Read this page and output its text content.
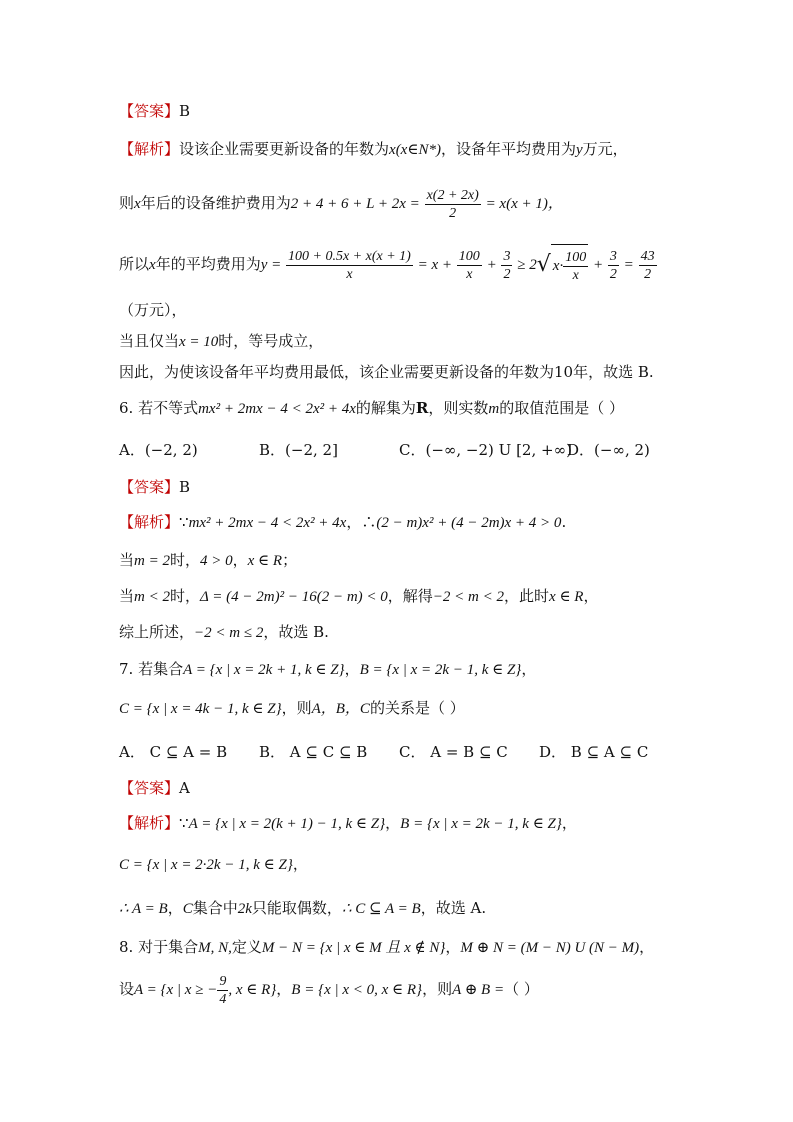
【答案】B
【解析】设该企业需要更新设备的年数为x(x∈N*)，设备年平均费用为y万元，
则x年后的设备维护费用为$2 + 4 + 6 + L + 2x = \frac{x(2 + 2x)}{2} = x(x + 1)$，
所以x年的平均费用为$y = \frac{100 + 0.5x + x(x + 1)}{x} = x + \frac{100}{x} + \frac{3}{2} \ge 2√$ $x\cdot \frac{100}{x} + \frac{3}{2} = \frac{43}{2}$
（万元），
当且仅当x = 10时，等号成立，
因此，为使该设备年平均费用最低，该企业需要更新设备的年数为10年，故选 B.
6. 若不等式mx² + 2mx − 4 < 2x² + 4x的解集为R，则实数m的取值范围是（ ）
A．(−2, 2)	B．(−2, 2]	C．(−∞, −2) U [2, +∞)D．(−∞, 2)
【答案】B
【解析】∵mx² + 2mx − 4 < 2x² + 4x，∴(2 − m)x² + (4 − 2m)x + 4 > 0.
当m = 2时，4 > 0，x ∈ R；
当m < 2时，Δ = (4 − 2m)² − 16(2 − m) < 0，解得−2 < m < 2，此时x ∈ R，
综上所述，−2 < m ≤ 2，故选 B.
7. 若集合A = {x | x = 2k + 1, k ∈ Z}，B = {x | x = 2k − 1, k ∈ Z}，
C = {x | x = 4k − 1, k ∈ Z}，则A，B，C的关系是（ ）
A． C ⊆ A = B B． A ⊆ C ⊆ B C． A = B ⊆ C D． B ⊆ A ⊆ C
【答案】A
【解析】∵A = {x | x = 2(k + 1) − 1, k ∈ Z}，B = {x | x = 2k − 1, k ∈ Z}，
C = {x | x = 2·2k − 1, k ∈ Z}，
∴ A = B，C集合中2k只能取偶数，∴ C ⊆ A = B，故选 A.
8. 对于集合M, N,定义M − N = {x | x ∈ M 且 x ∉ N}，M ⊕ N = (M − N) U (N − M)，
设A = {x | x ≥ − $\frac{9}{4}$ , x ∈ R}，B = {x | x < 0, x ∈ R}，则A ⊕ B =（ ）
